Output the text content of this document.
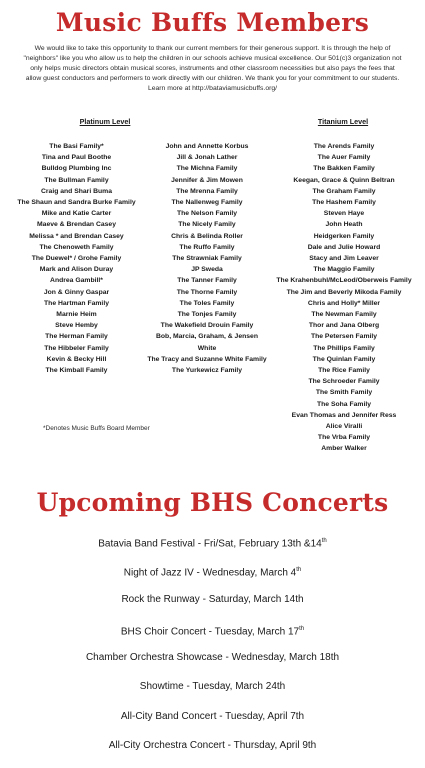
Music Buffs Members

We would like to take this opportunity to thank our current members for their generous support. It is through the help of "neighbors" like you who allow us to help the children in our schools achieve musical excellence. Our 501(c)3 organization not only helps music directors obtain musical scores, instruments and other classroom necessities but also pays the fees that allow guest conductors and performers to work directly with our children. We thank you for your commitment to our students. Learn more at http://bataviamusicbuffs.org/

Platinum Level	Titanium Level

The Basi Family*
Tina and Paul Boothe
Bulldog Plumbing Inc
The Bullman Family
Craig and Shari Buma
The Shaun and Sandra Burke Family
Mike and Katie Carter
Maeve & Brendan Casey
Melissa * and Brendan Casey
The Chenoweth Family
The Duewel* / Grohe Family
Mark and Alison Duray
Andrea Gambill*
Jon & Ginny Gaspar
The Hartman Family
Marnie Heim
Steve Hemby
The Herman Family
The Hibbeler Family
Kevin & Becky Hill
The Kimball Family
John and Annette Korbus
Jill & Jonah Lather
The Michna Family
Jennifer & Jim Mowen
The Mrenna Family
The Nallenweg Family
The Nelson Family
The Nicely Family
Chris & Belinda Roller
The Ruffo Family
The Strawniak Family
JP Sweda
The Tanner Family
The Thorne Family
The Toles Family
The Tonjes Family
The Wakefield Drouin Family
Bob, Marcia, Graham, & Jensen White
The Tracy and Suzanne White Family
The Yurkewicz Family
The Arends Family
The Auer Family
The Bakken Family
Keegan, Grace & Quinn Beltran
The Graham Family
The Hashem Family
Steven Haye
John Heath
Heidgerken Family
Dale and Julie Howard
Stacy and Jim Leaver
The Maggio Family
The Krahenbuhl/McLeod/Oberweis Family
The Jim and Beverly Mikoda Family
Chris and Holly* Miller
The Newman Family
Thor and Jana Olberg
The Petersen Family
The Phillips Family
The Quinlan Family
The Rice Family
The Schroeder Family
The Smith Family
The Soha Family
Evan Thomas and Jennifer Ress
Alice Viralli
The Vrba Family
Amber Walker

*Denotes Music Buffs Board Member

Upcoming BHS Concerts
Batavia Band Festival - Fri/Sat, February 13th &14th
Night of Jazz IV - Wednesday, March 4th
Rock the Runway - Saturday, March 14th
BHS Choir Concert - Tuesday, March 17th
Chamber Orchestra Showcase - Wednesday, March 18th
Showtime - Tuesday, March 24th
All-City Band Concert - Tuesday, April 7th
All-City Orchestra Concert - Thursday, April 9th
